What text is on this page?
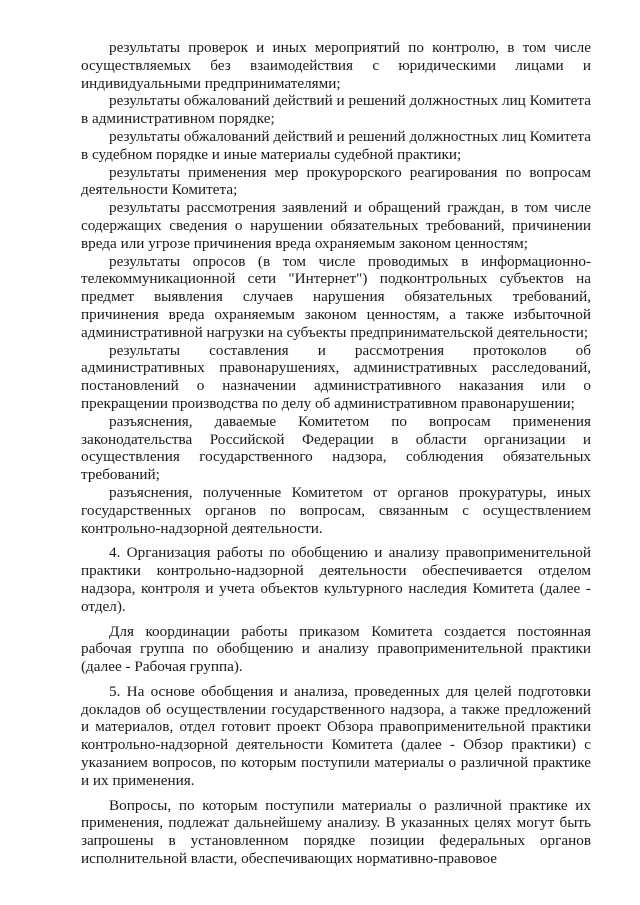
результаты проверок и иных мероприятий по контролю, в том числе осуществляемых без взаимодействия с юридическими лицами и индивидуальными предпринимателями;

результаты обжалований действий и решений должностных лиц Комитета в административном порядке;

результаты обжалований действий и решений должностных лиц Комитета в судебном порядке и иные материалы судебной практики;

результаты применения мер прокурорского реагирования по вопросам деятельности Комитета;

результаты рассмотрения заявлений и обращений граждан, в том числе содержащих сведения о нарушении обязательных требований, причинении вреда или угрозе причинения вреда охраняемым законом ценностям;

результаты опросов (в том числе проводимых в информационно-телекоммуникационной сети "Интернет") подконтрольных субъектов на предмет выявления случаев нарушения обязательных требований, причинения вреда охраняемым законом ценностям, а также избыточной административной нагрузки на субъекты предпринимательской деятельности;

результаты составления и рассмотрения протоколов об административных правонарушениях, административных расследований, постановлений о назначении административного наказания или о прекращении производства по делу об административном правонарушении;

разъяснения, даваемые Комитетом по вопросам применения законодательства Российской Федерации в области организации и осуществления государственного надзора, соблюдения обязательных требований;

разъяснения, полученные Комитетом от органов прокуратуры, иных государственных органов по вопросам, связанным с осуществлением контрольно-надзорной деятельности.

4. Организация работы по обобщению и анализу правоприменительной практики контрольно-надзорной деятельности обеспечивается отделом надзора, контроля и учета объектов культурного наследия Комитета (далее - отдел).

Для координации работы приказом Комитета создается постоянная рабочая группа по обобщению и анализу правоприменительной практики (далее - Рабочая группа).

5. На основе обобщения и анализа, проведенных для целей подготовки докладов об осуществлении государственного надзора, а также предложений и материалов, отдел готовит проект Обзора правоприменительной практики контрольно-надзорной деятельности Комитета (далее - Обзор практики) с указанием вопросов, по которым поступили материалы о различной практике и их применения.

Вопросы, по которым поступили материалы о различной практике их применения, подлежат дальнейшему анализу. В указанных целях могут быть запрошены в установленном порядке позиции федеральных органов исполнительной власти, обеспечивающих нормативно-правовое
